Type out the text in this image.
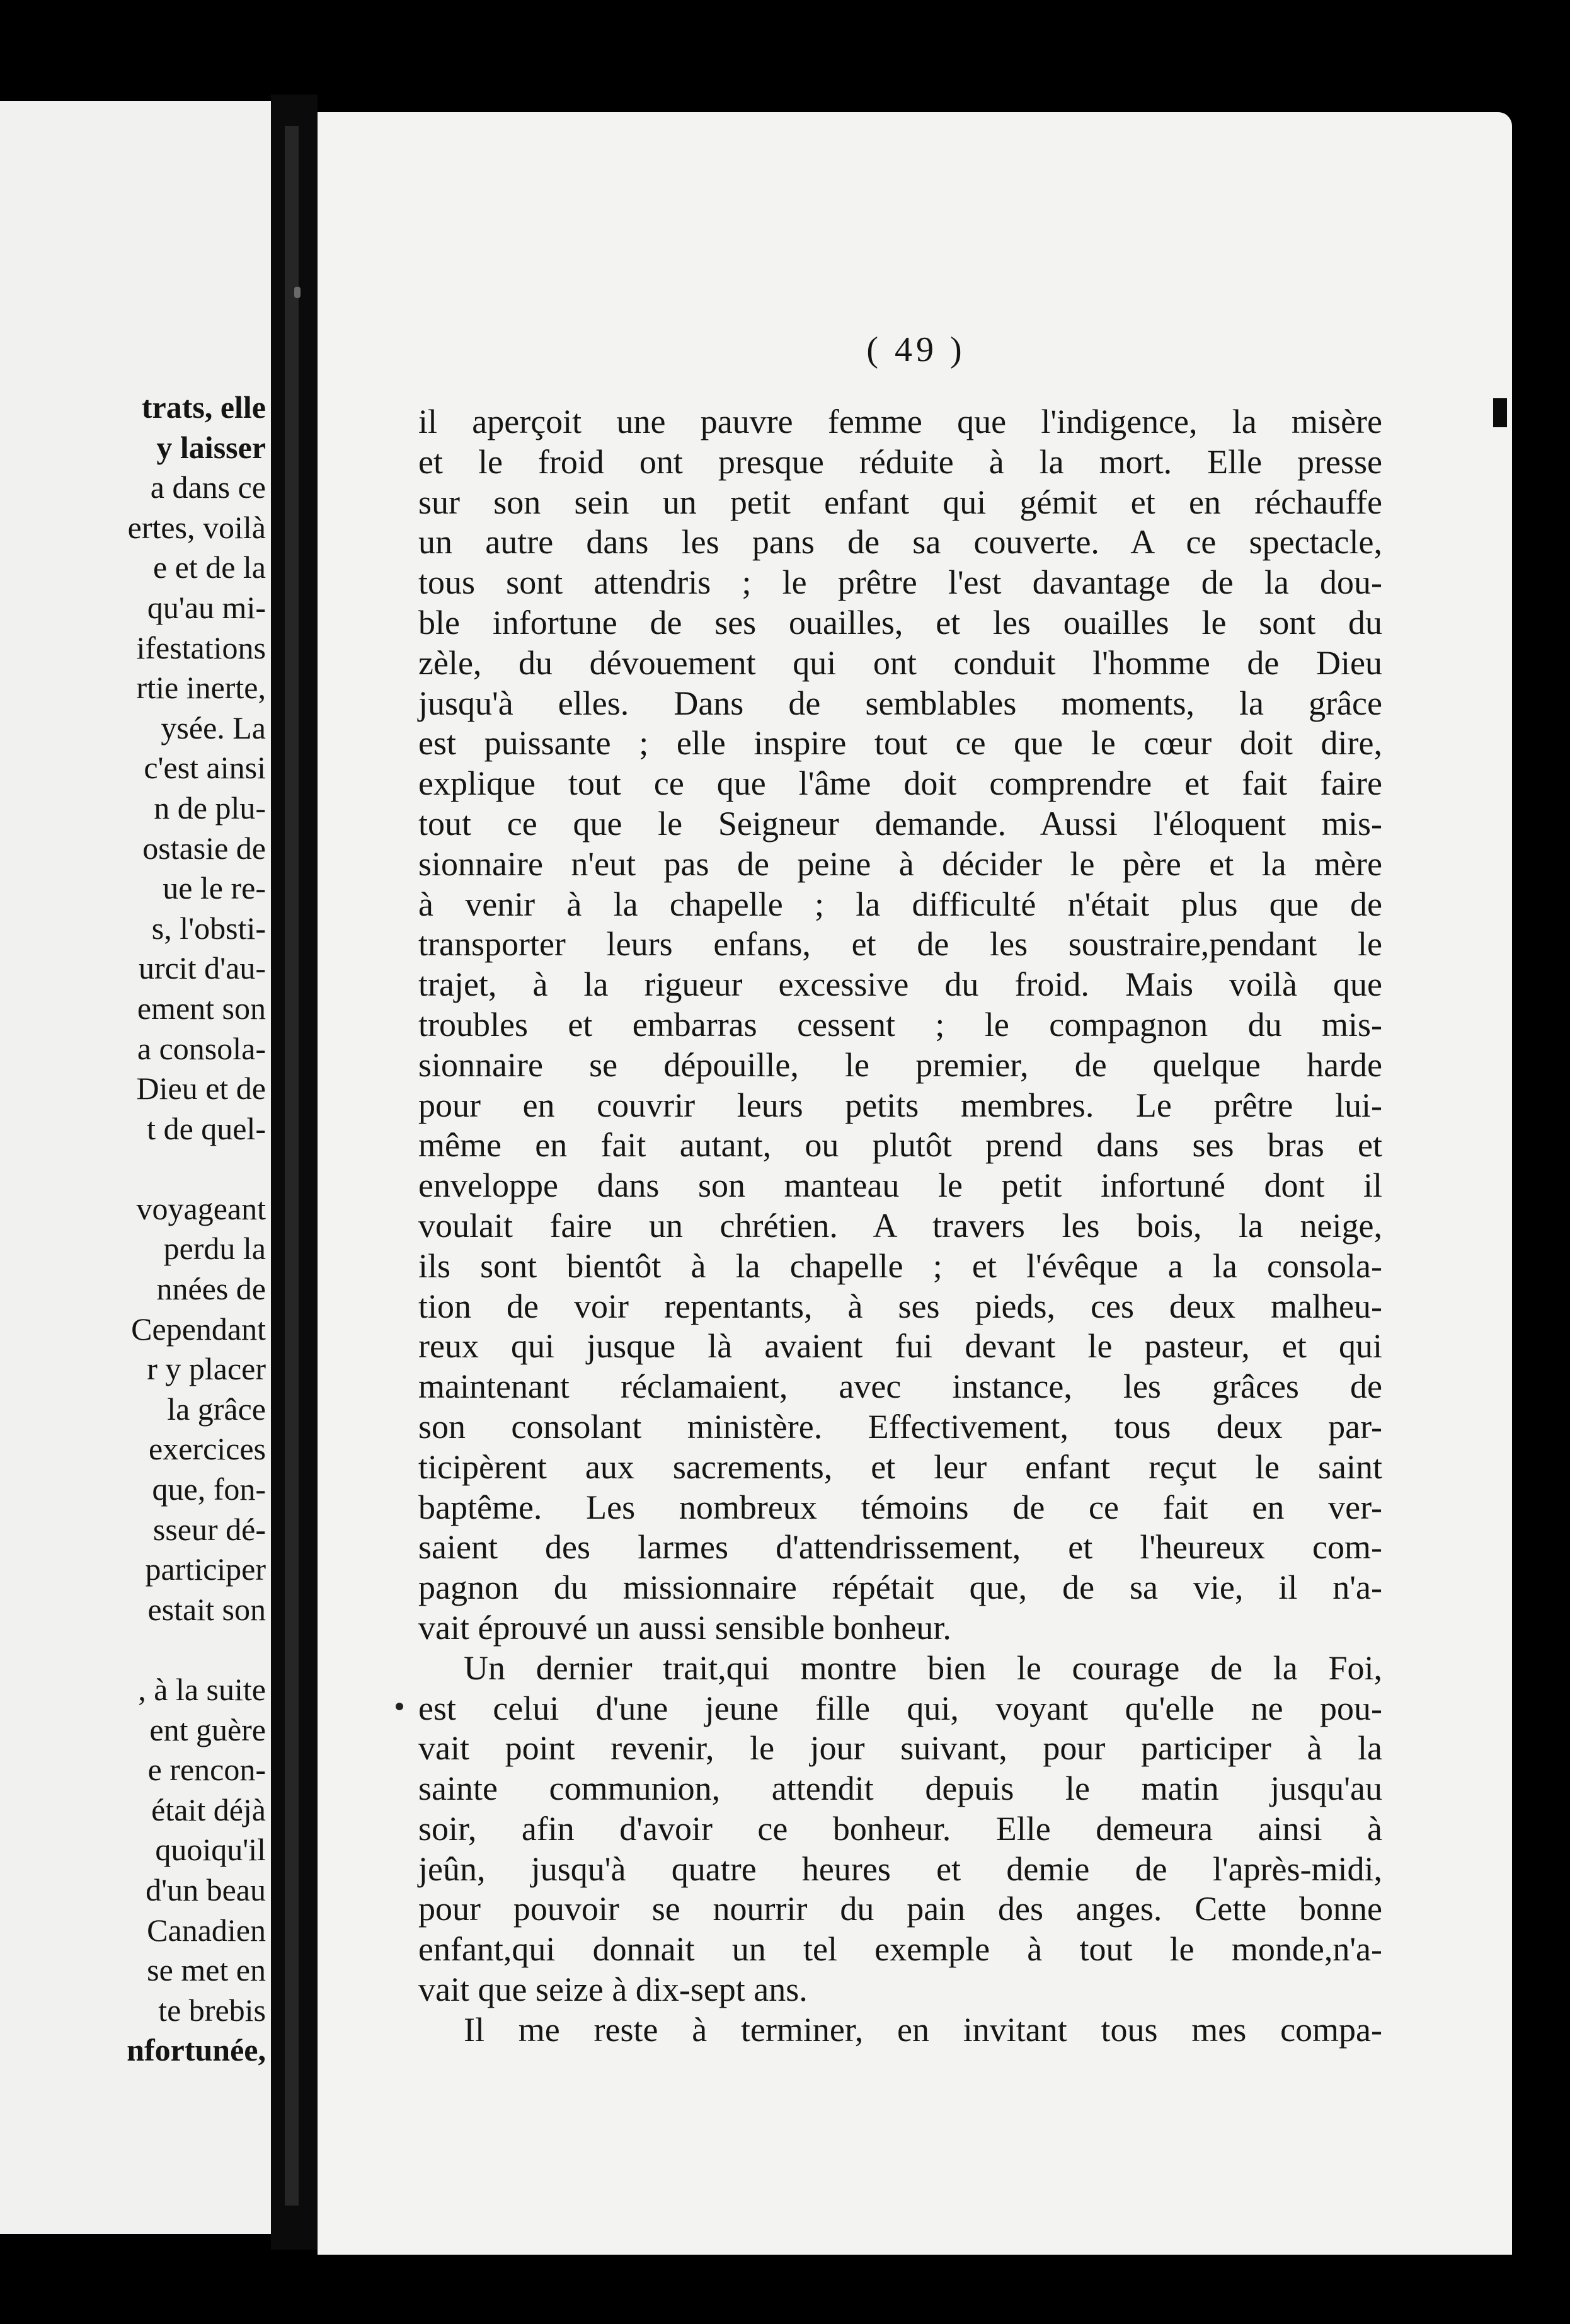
trats, elle
y laisser
a dans ce
ertes, voilà
e et de la
qu'au mi-
ifestations
rtie inerte,
ysée. La
c'est ainsi
n de plu-
ostasie de
ue le re-
s, l'obsti-
urcit d'au-
ement son
a consola-
Dieu et de
t de quel-
voyageant
perdu la
nnées de
Cependant
r y placer
la grâce
exercices
que, fon-
sseur dé-
participer
estait son
, à la suite
ent guère
e rencon-
était déjà
quoiqu'il
d'un beau
Canadien
se met en
te brebis
nfortunée,
( 49 )
il aperçoit une pauvre femme que l'indigence, la misère
et le froid ont presque réduite à la mort. Elle presse
sur son sein un petit enfant qui gémit et en réchauffe
un autre dans les pans de sa couverte. A ce spectacle,
tous sont attendris ; le prêtre l'est davantage de la dou-
ble infortune de ses ouailles, et les ouailles le sont du
zèle, du dévouement qui ont conduit l'homme de Dieu
jusqu'à elles. Dans de semblables moments, la grâce
est puissante ; elle inspire tout ce que le cœur doit dire,
explique tout ce que l'âme doit comprendre et fait faire
tout ce que le Seigneur demande. Aussi l'éloquent mis-
sionnaire n'eut pas de peine à décider le père et la mère
à venir à la chapelle ; la difficulté n'était plus que de
transporter leurs enfans, et de les soustraire,pendant le
trajet, à la rigueur excessive du froid. Mais voilà que
troubles et embarras cessent ; le compagnon du mis-
sionnaire se dépouille, le premier, de quelque harde
pour en couvrir leurs petits membres. Le prêtre lui-
même en fait autant, ou plutôt prend dans ses bras et
enveloppe dans son manteau le petit infortuné dont il
voulait faire un chrétien. A travers les bois, la neige,
ils sont bientôt à la chapelle ; et l'évêque a la consola-
tion de voir repentants, à ses pieds, ces deux malheu-
reux qui jusque là avaient fui devant le pasteur, et qui
maintenant réclamaient, avec instance, les grâces de
son consolant ministère. Effectivement, tous deux par-
ticipèrent aux sacrements, et leur enfant reçut le saint
baptême. Les nombreux témoins de ce fait en ver-
saient des larmes d'attendrissement, et l'heureux com-
pagnon du missionnaire répétait que, de sa vie, il n'a-
vait éprouvé un aussi sensible bonheur.
Un dernier trait,qui montre bien le courage de la Foi,
est celui d'une jeune fille qui, voyant qu'elle ne pou-
vait point revenir, le jour suivant, pour participer à la
sainte communion, attendit depuis le matin jusqu'au
soir, afin d'avoir ce bonheur. Elle demeura ainsi à
jeûn, jusqu'à quatre heures et demie de l'après-midi,
pour pouvoir se nourrir du pain des anges. Cette bonne
enfant,qui donnait un tel exemple à tout le monde,n'a-
vait que seize à dix-sept ans.
Il me reste à terminer, en invitant tous mes compa-
